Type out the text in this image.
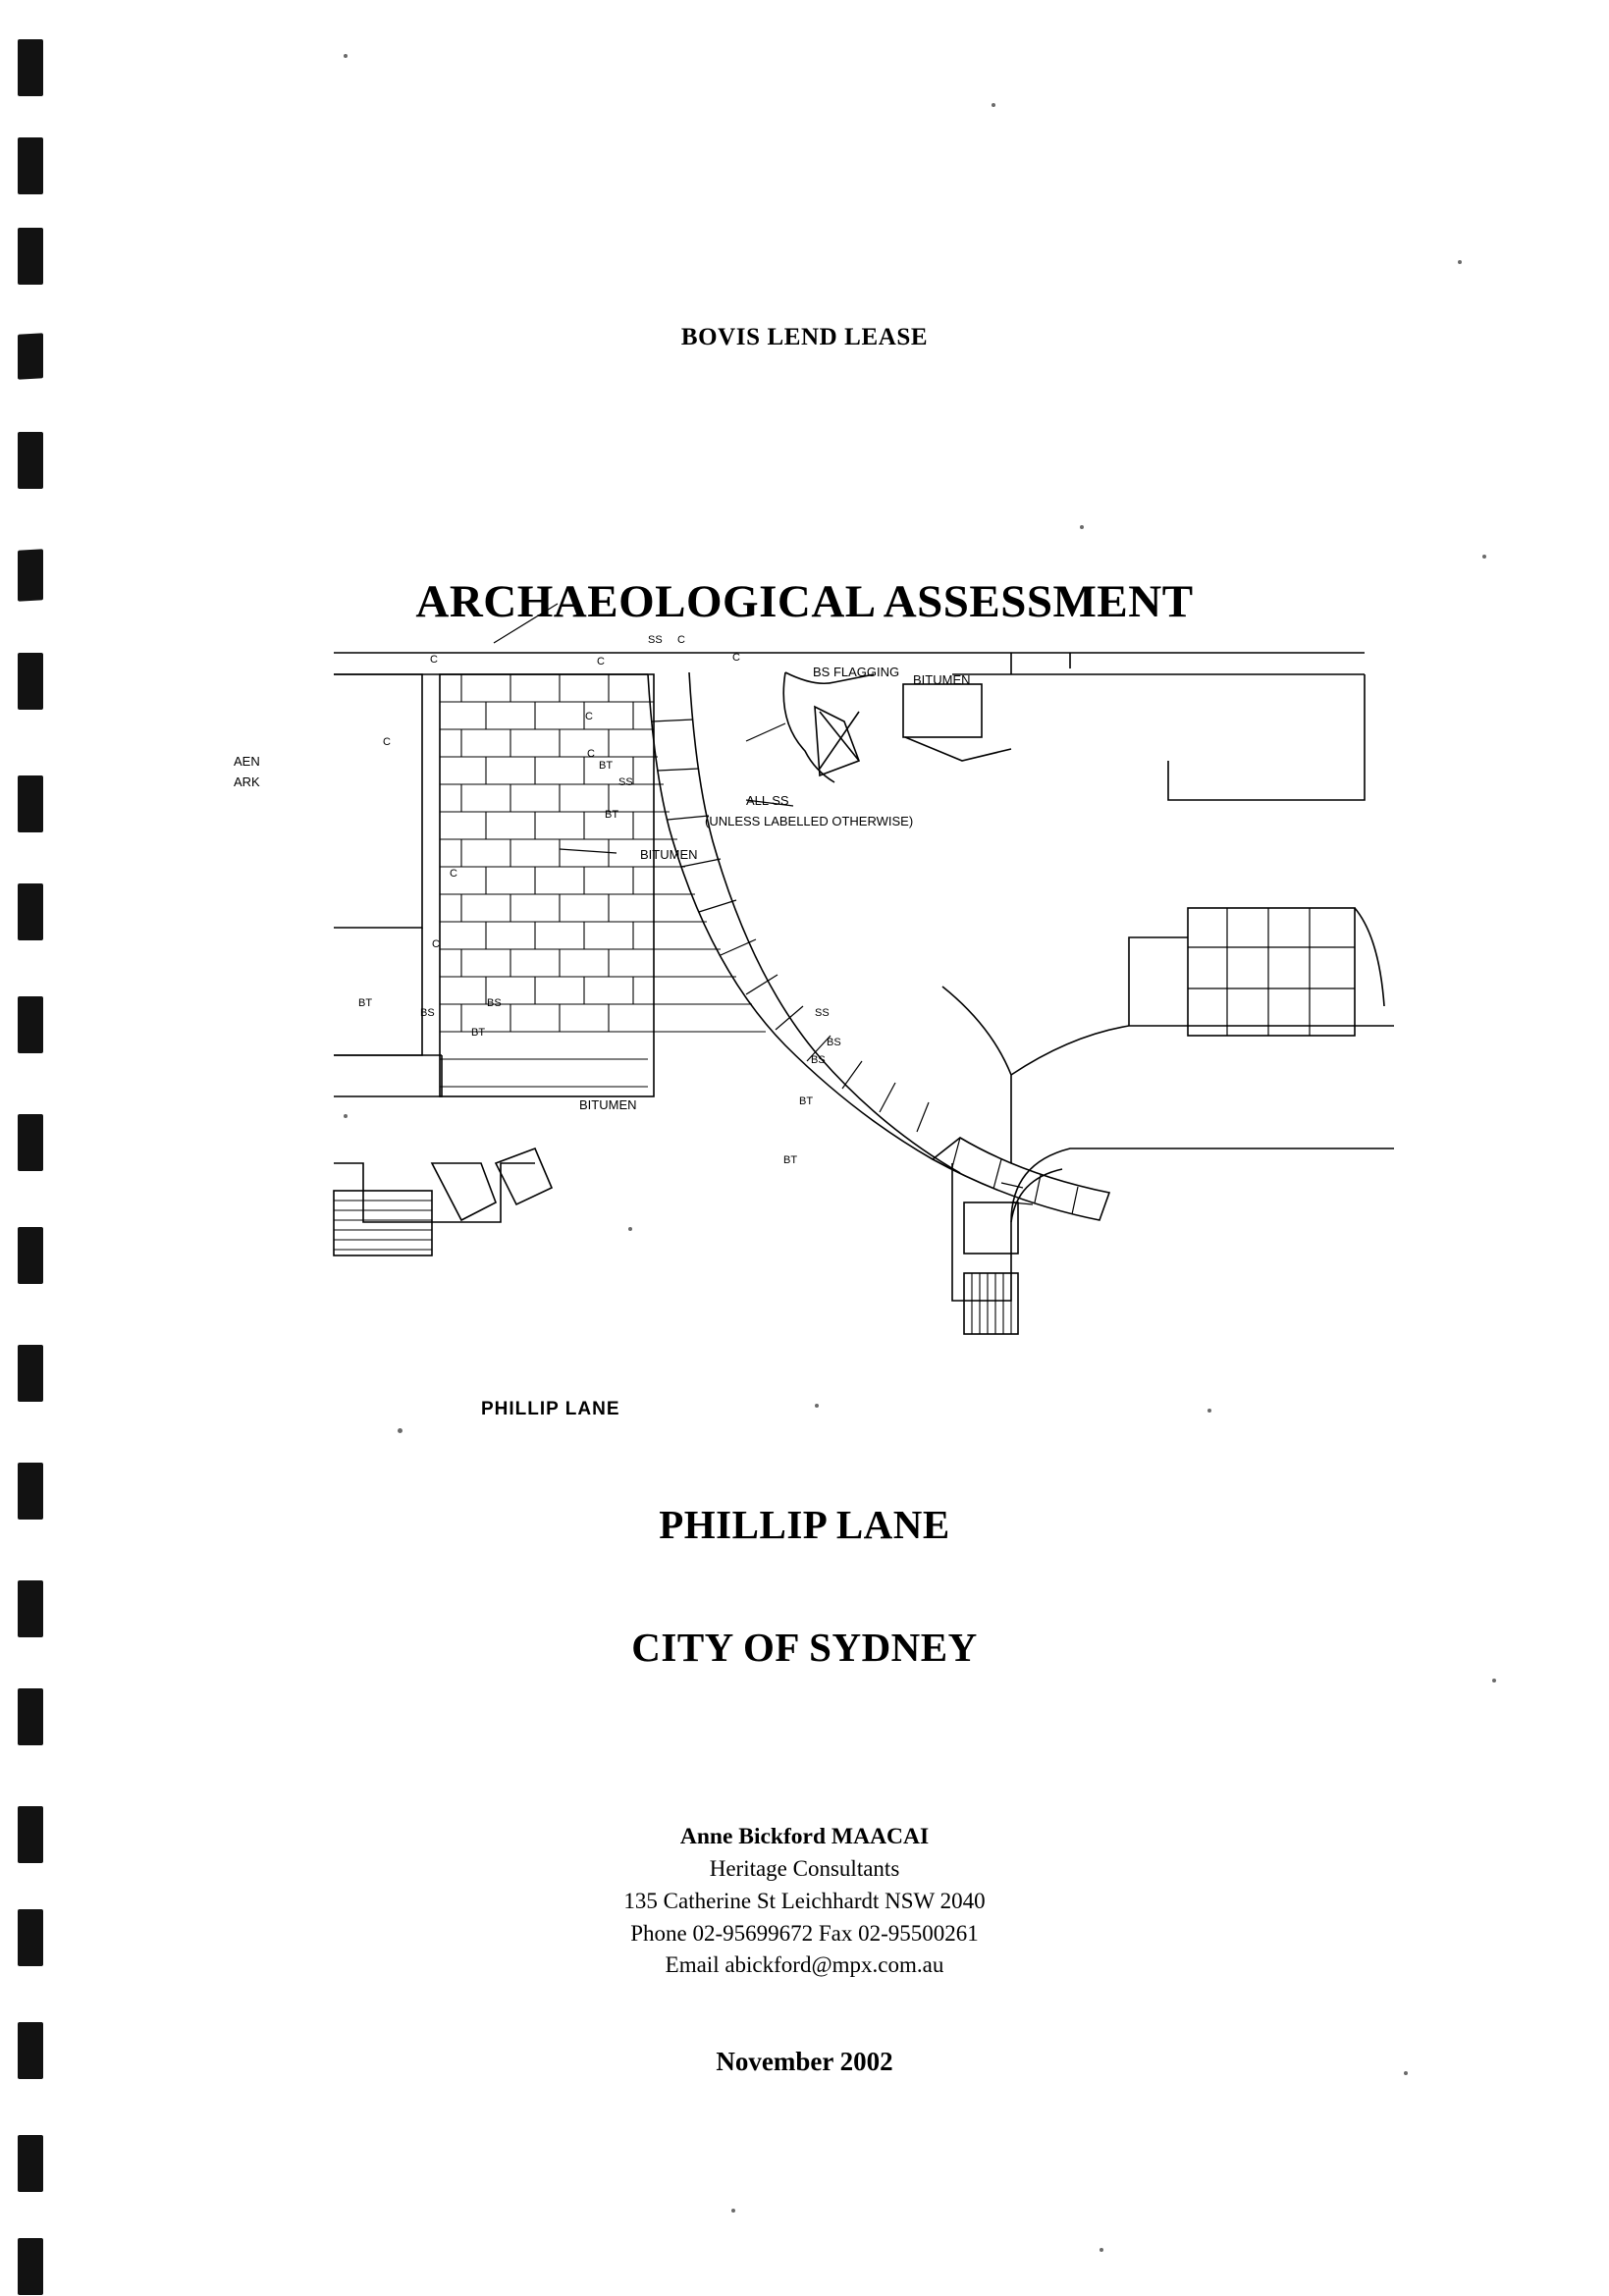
BOVIS LEND LEASE
ARCHAEOLOGICAL ASSESSMENT
C
C
C
C
C
C
C
C
SS
SS C
BT
BT
BS
BT
BS
BT
SS
BS
BS
BT
BT
BS FLAGGING
BITUMEN
ALL SS
(UNLESS LABELLED OTHERWISE)
BITUMEN
BITUMEN
AEN
ARK
PHILLIP LANE
PHILLIP LANE
CITY OF SYDNEY
Anne Bickford MAACAI
Heritage Consultants
135 Catherine St Leichhardt NSW 2040
Phone 02-95699672 Fax 02-95500261
Email abickford@mpx.com.au
November 2002
